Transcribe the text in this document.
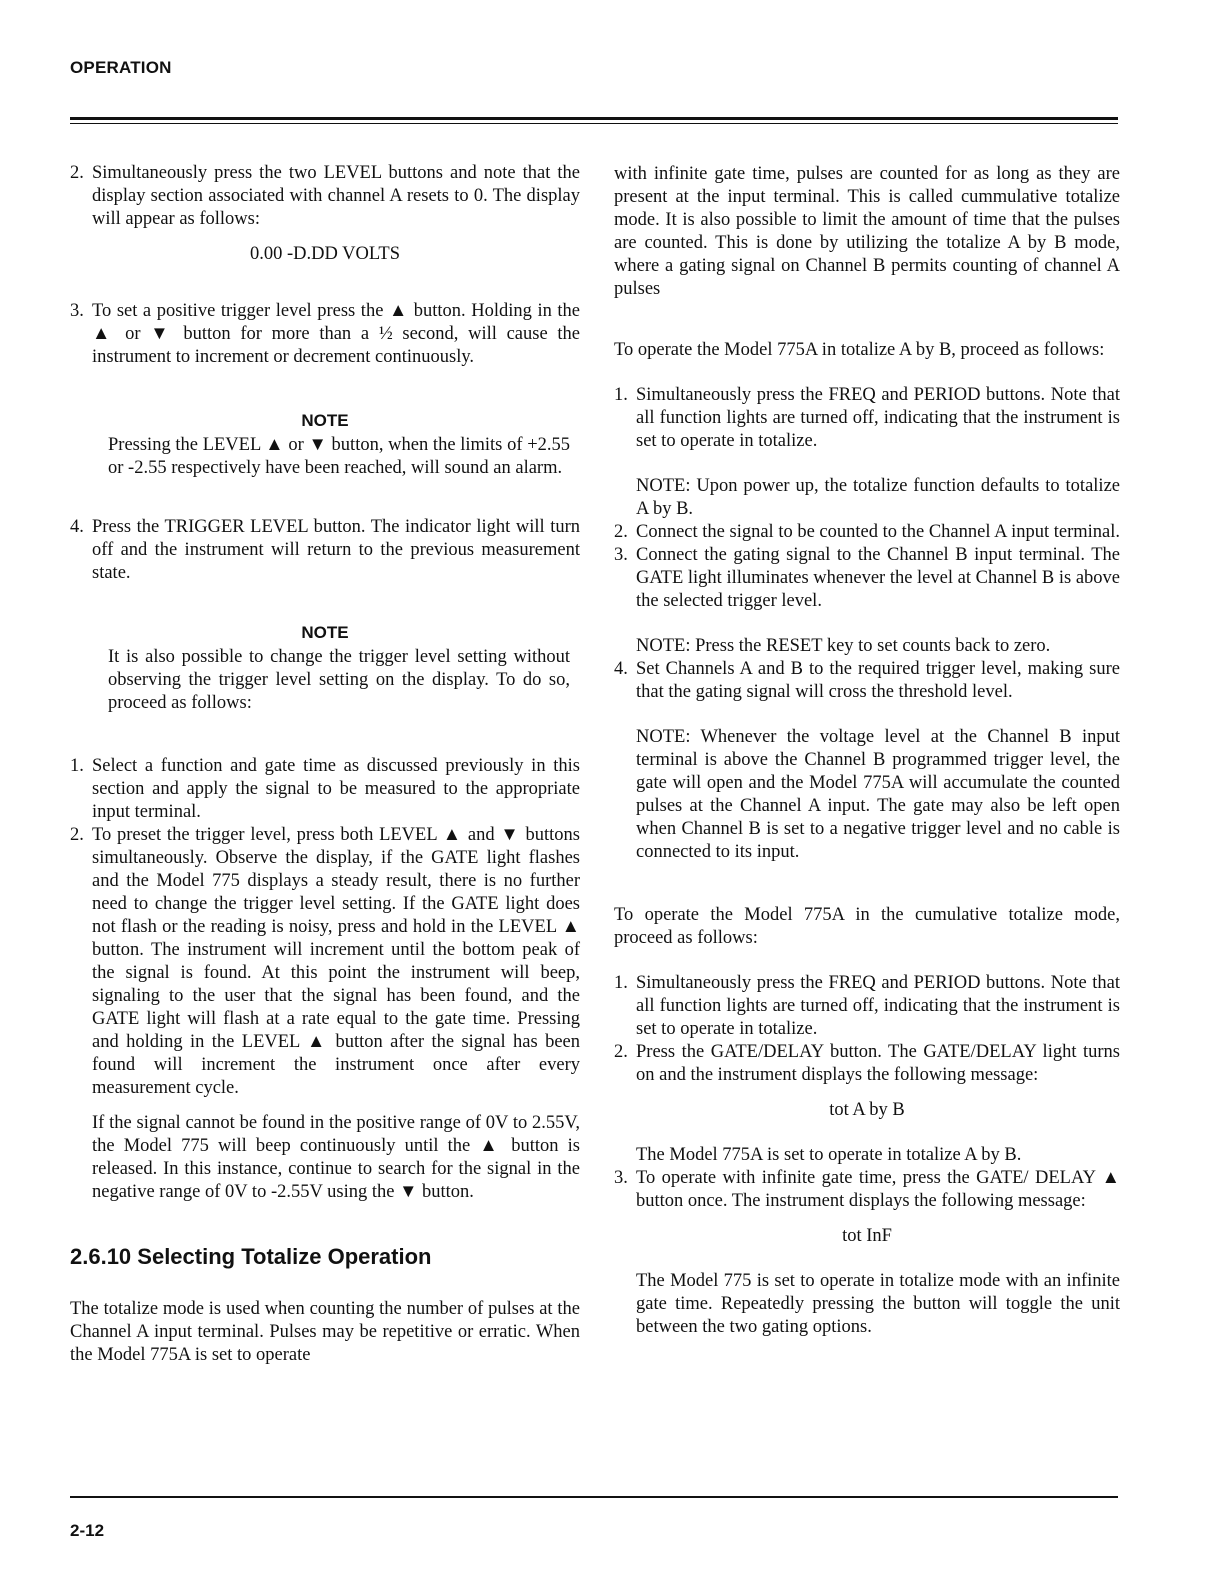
OPERATION
2. Simultaneously press the two LEVEL buttons and note that the display section associated with channel A resets to 0. The display will appear as follows:

0.00 -D.DD VOLTS

3. To set a positive trigger level press the ▲ button. Holding in the ▲ or ▼ button for more than a ½ second, will cause the instrument to increment or decrement continuously.
NOTE
Pressing the LEVEL ▲ or ▼ button, when the limits of +2.55 or -2.55 respectively have been reached, will sound an alarm.
4. Press the TRIGGER LEVEL button. The indicator light will turn off and the instrument will return to the previous measurement state.
NOTE
It is also possible to change the trigger level setting without observing the trigger level setting on the display. To do so, proceed as follows:
1. Select a function and gate time as discussed previously in this section and apply the signal to be measured to the appropriate input terminal.
2. To preset the trigger level, press both LEVEL ▲ and ▼ buttons simultaneously. Observe the display, if the GATE light flashes and the Model 775 displays a steady result, there is no further need to change the trigger level setting. If the GATE light does not flash or the reading is noisy, press and hold in the LEVEL ▲ button. The instrument will increment until the bottom peak of the signal is found. At this point the instrument will beep, signaling to the user that the signal has been found, and the GATE light will flash at a rate equal to the gate time. Pressing and holding in the LEVEL ▲ button after the signal has been found will increment the instrument once after every measurement cycle.

If the signal cannot be found in the positive range of 0V to 2.55V, the Model 775 will beep continuously until the ▲ button is released. In this instance, continue to search for the signal in the negative range of 0V to -2.55V using the ▼ button.

2.6.10 Selecting Totalize Operation

The totalize mode is used when counting the number of pulses at the Channel A input terminal. Pulses may be repetitive or erratic. When the Model 775A is set to operate

with infinite gate time, pulses are counted for as long as they are present at the input terminal. This is called cummulative totalize mode. It is also possible to limit the amount of time that the pulses are counted. This is done by utilizing the totalize A by B mode, where a gating signal on Channel B permits counting of channel A pulses

To operate the Model 775A in totalize A by B, proceed as follows:

1. Simultaneously press the FREQ and PERIOD buttons. Note that all function lights are turned off, indicating that the instrument is set to operate in totalize.
NOTE: Upon power up, the totalize function defaults to totalize A by B.
2. Connect the signal to be counted to the Channel A input terminal.
3. Connect the gating signal to the Channel B input terminal. The GATE light illuminates whenever the level at Channel B is above the selected trigger level.
NOTE: Press the RESET key to set counts back to zero.
4. Set Channels A and B to the required trigger level, making sure that the gating signal will cross the threshold level.
NOTE: Whenever the voltage level at the Channel B input terminal is above the Channel B programmed trigger level, the gate will open and the Model 775A will accumulate the counted pulses at the Channel A input. The gate may also be left open when Channel B is set to a negative trigger level and no cable is connected to its input.

To operate the Model 775A in the cumulative totalize mode, proceed as follows:

1. Simultaneously press the FREQ and PERIOD buttons. Note that all function lights are turned off, indicating that the instrument is set to operate in totalize.
2. Press the GATE/DELAY button. The GATE/DELAY light turns on and the instrument displays the following message:

tot A by B

The Model 775A is set to operate in totalize A by B.
3. To operate with infinite gate time, press the GATE/ DELAY ▲ button once. The instrument displays the following message:

tot InF

The Model 775 is set to operate in totalize mode with an infinite gate time. Repeatedly pressing the button will toggle the unit between the two gating options.
2-12
